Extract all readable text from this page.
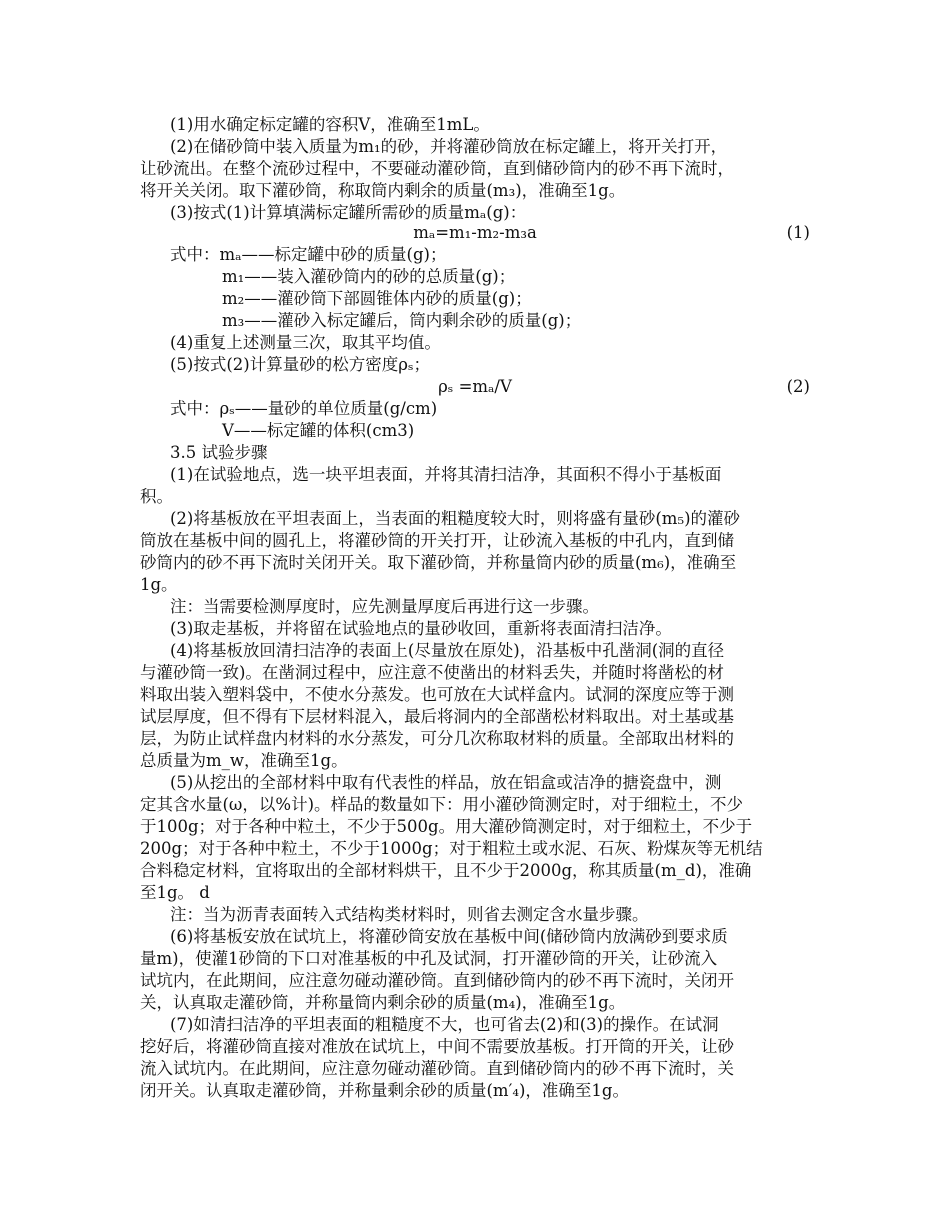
(1)用水确定标定罐的容积V，准确至1mL。
(2)在储砂筒中装入质量为m₁的砂，并将灌砂筒放在标定罐上，将开关打开，
让砂流出。在整个流砂过程中，不要碰动灌砂筒，直到储砂筒内的砂不再下流时，
将开关关闭。取下灌砂筒，称取筒内剩余的质量(m₃)，准确至1g。
(3)按式(1)计算填满标定罐所需砂的质量mₐ(g)：
mₐ=m₁-m₂-m₃a	(1)
式中：mₐ——标定罐中砂的质量(g)；
m₁——装入灌砂筒内的砂的总质量(g)；
m₂——灌砂筒下部圆锥体内砂的质量(g)；
m₃——灌砂入标定罐后，筒内剩余砂的质量(g)；
(4)重复上述测量三次，取其平均值。
(5)按式(2)计算量砂的松方密度ρₛ；
ρₛ =mₐ/V	(2)
式中：ρₛ——量砂的单位质量(g/cm)
V——标定罐的体积(cm3)
3.5 试验步骤
(1)在试验地点，选一块平坦表面，并将其清扫洁净，其面积不得小于基板面
积。
(2)将基板放在平坦表面上，当表面的粗糙度较大时，则将盛有量砂(m₅)的灌砂
筒放在基板中间的圆孔上，将灌砂筒的开关打开，让砂流入基板的中孔内，直到储
砂筒内的砂不再下流时关闭开关。取下灌砂筒，并称量筒内砂的质量(m₆)，准确至
1g。
注：当需要检测厚度时，应先测量厚度后再进行这一步骤。
(3)取走基板，并将留在试验地点的量砂收回，重新将表面清扫洁净。
(4)将基板放回清扫洁净的表面上(尽量放在原处)，沿基板中孔凿洞(洞的直径
与灌砂筒一致)。在凿洞过程中，应注意不使凿出的材料丢失，并随时将凿松的材
料取出装入塑料袋中，不使水分蒸发。也可放在大试样盒内。试洞的深度应等于测
试层厚度，但不得有下层材料混入，最后将洞内的全部凿松材料取出。对土基或基
层，为防止试样盘内材料的水分蒸发，可分几次称取材料的质量。全部取出材料的
总质量为m_w，准确至1g。
(5)从挖出的全部材料中取有代表性的样品，放在铝盒或洁净的搪瓷盘中，测
定其含水量(ω，以%计)。样品的数量如下：用小灌砂筒测定时，对于细粒土，不少
于100g；对于各种中粒土，不少于500g。用大灌砂筒测定时，对于细粒土，不少于
200g；对于各种中粒土，不少于1000g；对于粗粒土或水泥、石灰、粉煤灰等无机结
合料稳定材料，宜将取出的全部材料烘干，且不少于2000g，称其质量(m_d)，准确
至1g。 d
注：当为沥青表面转入式结构类材料时，则省去测定含水量步骤。
(6)将基板安放在试坑上，将灌砂筒安放在基板中间(储砂筒内放满砂到要求质
量m)，使灌1砂筒的下口对准基板的中孔及试洞，打开灌砂筒的开关，让砂流入
试坑内，在此期间，应注意勿碰动灌砂筒。直到储砂筒内的砂不再下流时，关闭开
关，认真取走灌砂筒，并称量筒内剩余砂的质量(m₄)，准确至1g。
(7)如清扫洁净的平坦表面的粗糙度不大，也可省去(2)和(3)的操作。在试洞
挖好后，将灌砂筒直接对准放在试坑上，中间不需要放基板。打开筒的开关，让砂
流入试坑内。在此期间，应注意勿碰动灌砂筒。直到储砂筒内的砂不再下流时，关
闭开关。认真取走灌砂筒，并称量剩余砂的质量(m′₄)，准确至1g。
